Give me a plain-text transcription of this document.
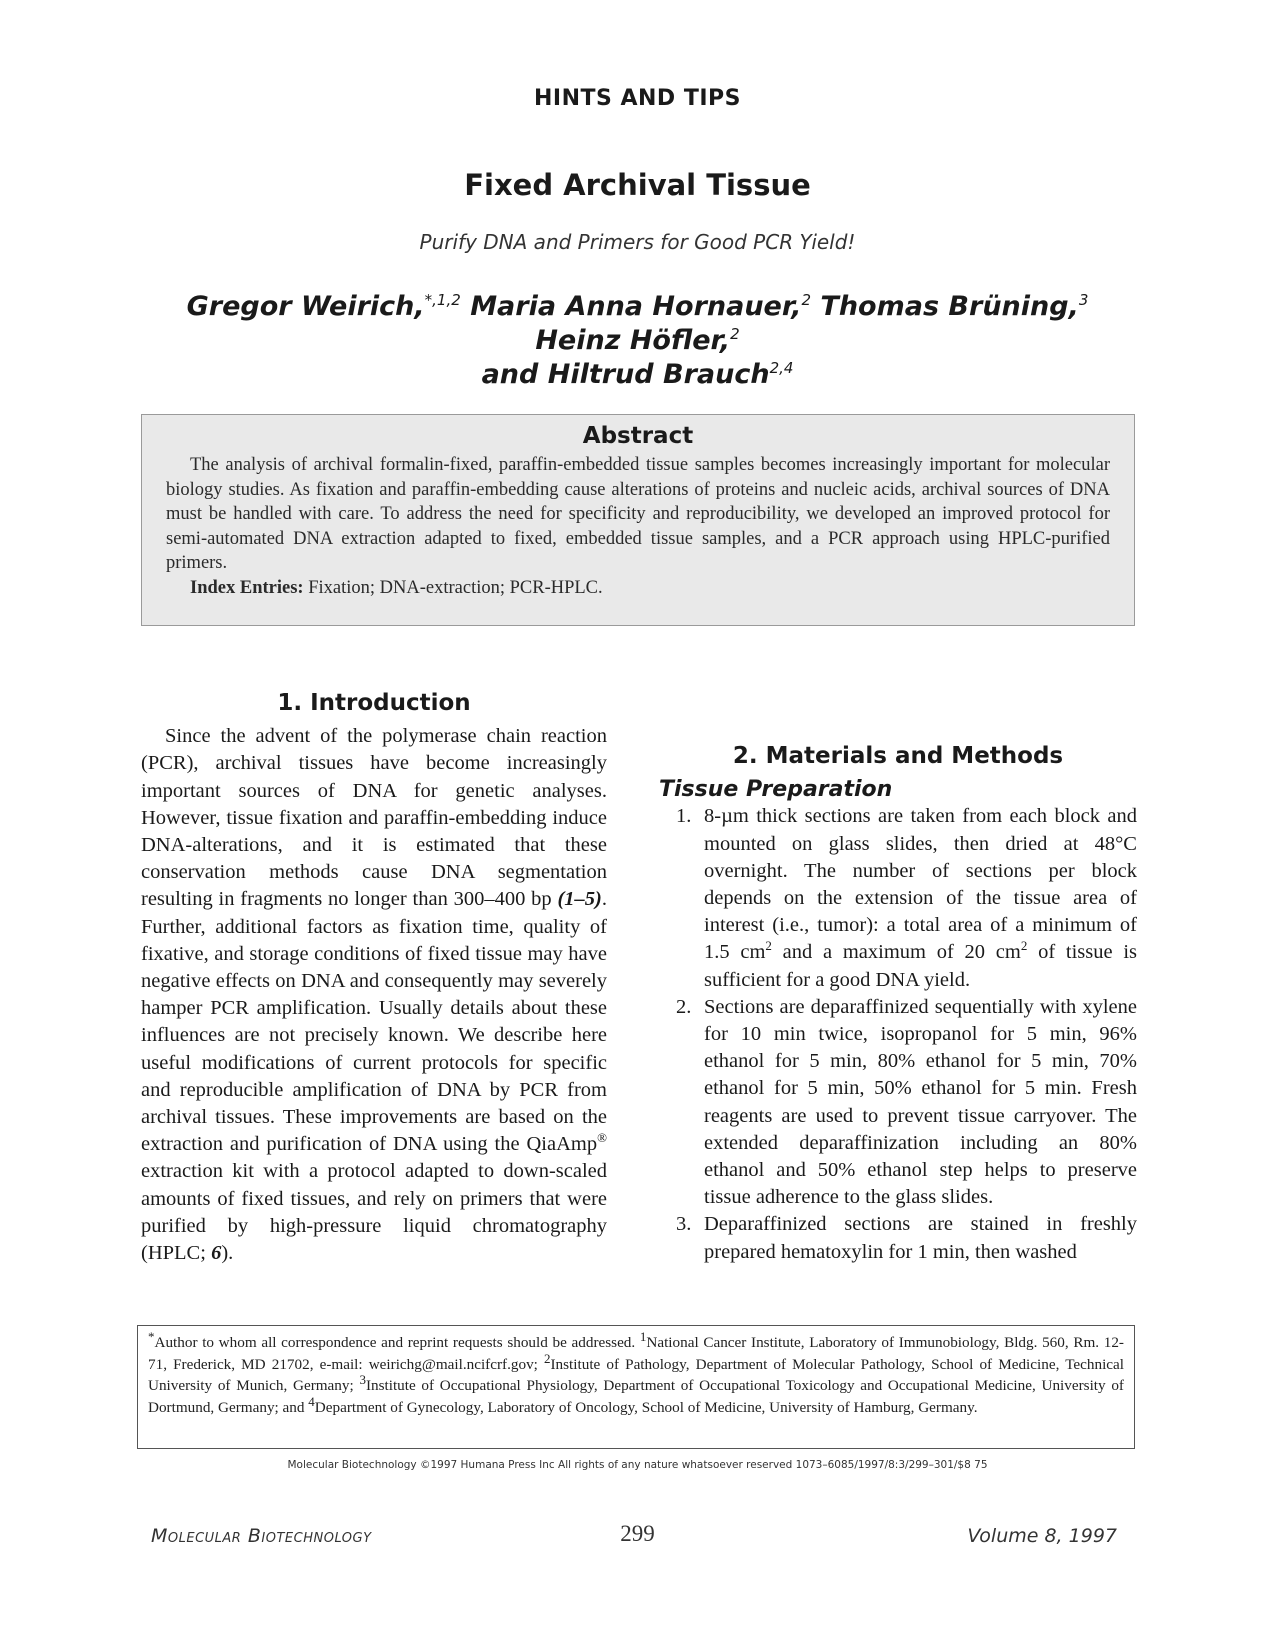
HINTS AND TIPS
Fixed Archival Tissue
Purify DNA and Primers for Good PCR Yield!
Gregor Weirich,$^{*,1,2}$ Maria Anna Hornauer,$^2$ Thomas Brüning,$^3$ Heinz Höfler,$^2$
and Hiltrud Brauch$^{2,4}$
Abstract
The analysis of archival formalin-fixed, paraffin-embedded tissue samples becomes increasingly important for molecular biology studies. As fixation and paraffin-embedding cause alterations of proteins and nucleic acids, archival sources of DNA must be handled with care. To address the need for specificity and reproducibility, we developed an improved protocol for semi-automated DNA extraction adapted to fixed, embedded tissue samples, and a PCR approach using HPLC-purified primers.
Index Entries: Fixation; DNA-extraction; PCR-HPLC.
1. Introduction

Since the advent of the polymerase chain reaction (PCR), archival tissues have become increasingly important sources of DNA for genetic analyses. However, tissue fixation and paraffin-embedding induce DNA-alterations, and it is estimated that these conservation methods cause DNA segmentation resulting in fragments no longer than 300–400 bp (1–5). Further, additional factors as fixation time, quality of fixative, and storage conditions of fixed tissue may have negative effects on DNA and consequently may severely hamper PCR amplification. Usually details about these influences are not precisely known. We describe here useful modifications of current protocols for specific and reproducible amplification of DNA by PCR from archival tissues. These improvements are based on the extraction and purification of DNA using the QiaAmp® extraction kit with a protocol adapted to down-scaled amounts of fixed tissues, and rely on primers that were purified by high-pressure liquid chromatography (HPLC; 6).

2. Materials and Methods
Tissue Preparation
1. 8-µm thick sections are taken from each block and mounted on glass slides, then dried at 48°C overnight. The number of sections per block depends on the extension of the tissue area of interest (i.e., tumor): a total area of a minimum of 1.5 $cm^2$ and a maximum of 20 $cm^2$ of tissue is sufficient for a good DNA yield.
2. Sections are deparaffinized sequentially with xylene for 10 min twice, isopropanol for 5 min, 96% ethanol for 5 min, 80% ethanol for 5 min, 70% ethanol for 5 min, 50% ethanol for 5 min. Fresh reagents are used to prevent tissue carryover. The extended deparaffinization including an 80% ethanol and 50% ethanol step helps to preserve tissue adherence to the glass slides.
3. Deparaffinized sections are stained in freshly prepared hematoxylin for 1 min, then washed
*Author to whom all correspondence and reprint requests should be addressed. $^1$National Cancer Institute, Laboratory of Immunobiology, Bldg. 560, Rm. 12-71, Frederick, MD 21702, e-mail: weirichg@mail.ncifcrf.gov; $^2$Institute of Pathology, Department of Molecular Pathology, School of Medicine, Technical University of Munich, Germany; $^3$Institute of Occupational Physiology, Department of Occupational Toxicology and Occupational Medicine, University of Dortmund, Germany; and $^4$Department of Gynecology, Laboratory of Oncology, School of Medicine, University of Hamburg, Germany.
Molecular Biotechnology ©1997 Humana Press Inc All rights of any nature whatsoever reserved 1073–6085/1997/8:3/299–301/$8 75
Molecular Biotechnology	299	Volume 8, 1997
